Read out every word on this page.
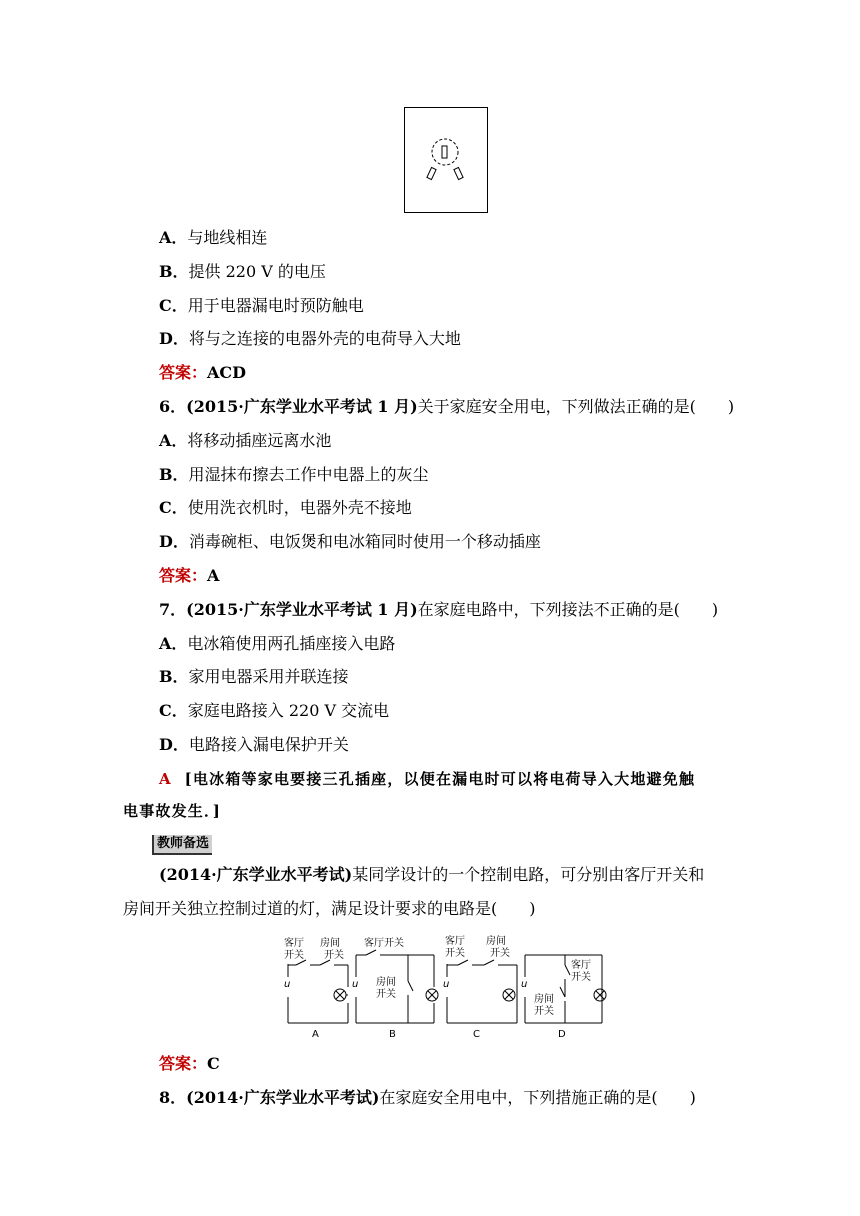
A．与地线相连
B．提供 220 V 的电压
C．用于电器漏电时预防触电
D．将与之连接的电器外壳的电荷导入大地
答案：ACD
6．(2015·广东学业水平考试 1 月)关于家庭安全用电，下列做法正确的是(　　)
A．将移动插座远离水池
B．用湿抹布擦去工作中电器上的灰尘
C．使用洗衣机时，电器外壳不接地
D．消毒碗柜、电饭煲和电冰箱同时使用一个移动插座
答案：A
7．(2015·广东学业水平考试 1 月)在家庭电路中，下列接法不正确的是(　　)
A．电冰箱使用两孔插座接入电路
B．家用电器采用并联连接
C．家庭电路接入 220 V 交流电
D．电路接入漏电保护开关
A [电冰箱等家电要接三孔插座，以便在漏电时可以将电荷导入大地避免触
电事故发生．]
教师备选
(2014·广东学业水平考试)某同学设计的一个控制电路，可分别由客厅开关和
房间开关独立控制过道的灯，满足设计要求的电路是(　　)
客厅
开关
房间
开关
u
A
客厅开关
房间
开关
u
B
客厅
开关
房间
开关
u
C
客厅
开关
房间
开关
u
D
答案：C
8．(2014·广东学业水平考试)在家庭安全用电中，下列措施正确的是(　　)
